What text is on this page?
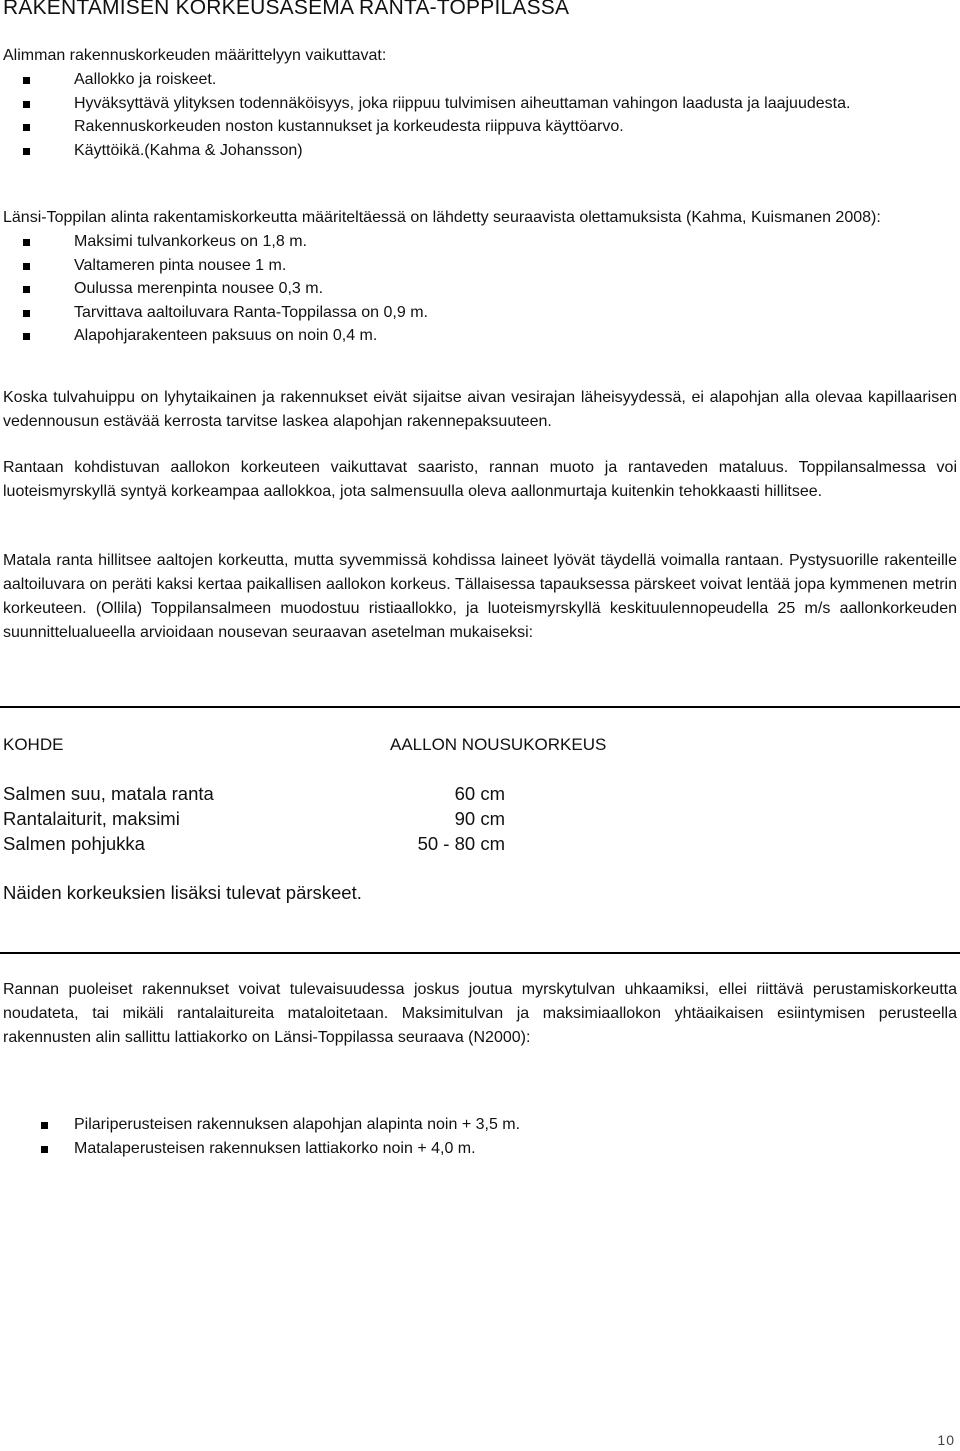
RAKENTAMISEN KORKEUSASEMA RANTA-TOPPILASSA

Alimman rakennuskorkeuden määrittelyyn vaikuttavat:

Aallokko ja roiskeet.
Hyväksyttävä ylityksen todennäköisyys, joka riippuu tulvimisen aiheuttaman vahingon laadusta ja laajuudesta.
Rakennuskorkeuden noston kustannukset ja korkeudesta riippuva käyttöarvo.
Käyttöikä.(Kahma & Johansson)

Länsi-Toppilan alinta rakentamiskorkeutta määriteltäessä on lähdetty seuraavista olettamuksista (Kahma, Kuismanen 2008):

Maksimi tulvankorkeus on 1,8 m.
Valtameren pinta nousee 1 m.
Oulussa merenpinta nousee 0,3 m.
Tarvittava aaltoiluvara Ranta-Toppilassa on 0,9 m.
Alapohjarakenteen paksuus on noin 0,4 m.

Koska tulvahuippu on lyhytaikainen ja rakennukset eivät sijaitse aivan vesirajan läheisyydessä, ei alapohjan alla olevaa kapillaarisen vedennousun estävää kerrosta tarvitse laskea alapohjan rakennepaksuuteen.

Rantaan kohdistuvan aallokon korkeuteen vaikuttavat saaristo, rannan muoto ja rantaveden mataluus. Toppilansalmessa voi luoteismyrskyllä syntyä korkeampaa aallokkoa, jota salmensuulla oleva aallonmurtaja kuitenkin tehokkaasti hillitsee.

Matala ranta hillitsee aaltojen korkeutta, mutta syvemmissä kohdissa laineet lyövät täydellä voimalla rantaan. Pystysuorille rakenteille aaltoiluvara on peräti kaksi kertaa paikallisen aallokon korkeus. Tällaisessa tapauksessa pärskeet voivat lentää jopa kymmenen metrin korkeuteen. (Ollila) Toppilansalmeen muodostuu ristiaallokko, ja luoteismyrskyllä keskituulennopeudella 25 m/s aallonkorkeuden suunnittelualueella arvioidaan nousevan seuraavan asetelman mukaiseksi:

KOHDE	AALLON NOUSUKORKEUS
Salmen suu, matala ranta	60 cm
Rantalaiturit, maksimi	90 cm
Salmen pohjukka	50 - 80 cm
Näiden korkeuksien lisäksi tulevat pärskeet.

Rannan puoleiset rakennukset voivat tulevaisuudessa joskus joutua myrskytulvan uhkaamiksi, ellei riittävä perustamiskorkeutta noudateta, tai mikäli rantalaitureita mataloitetaan. Maksimitulvan ja maksimiaallokon yhtäaikaisen esiintymisen perusteella rakennusten alin sallittu lattiakorko on Länsi-Toppilassa seuraava (N2000):

Pilariperusteisen rakennuksen alapohjan alapinta noin + 3,5 m.
Matalaperusteisen rakennuksen lattiakorko noin + 4,0 m.
10
